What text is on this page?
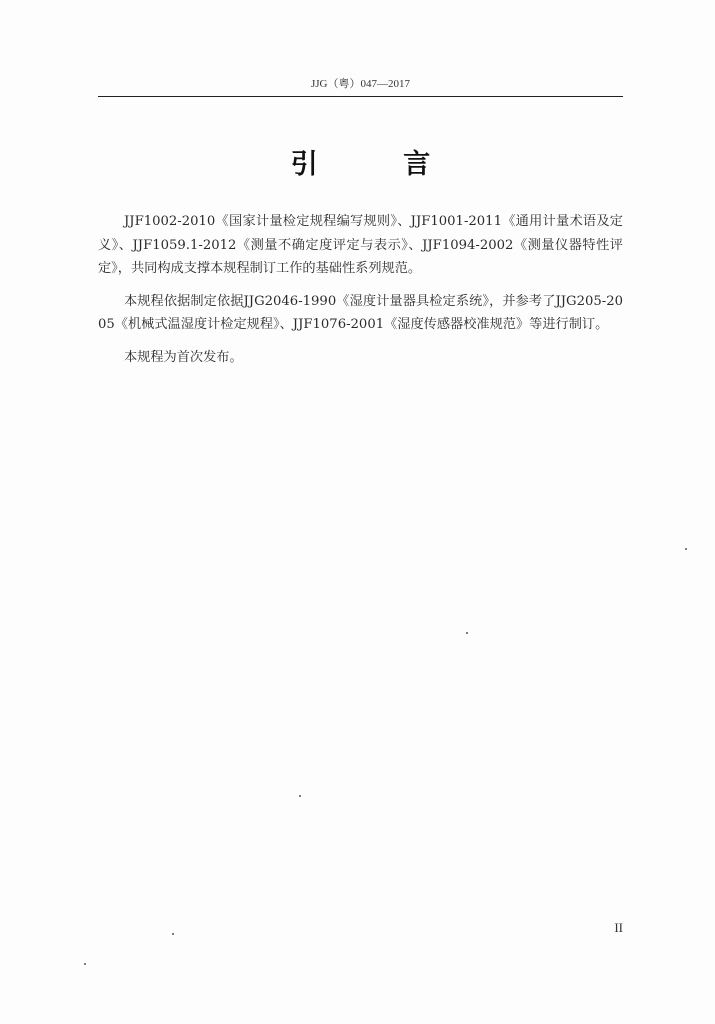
JJG（粤）047—2017
引 言

JJF1002-2010《国家计量检定规程编写规则》、JJF1001-2011《通用计量术语及定义》、JJF1059.1-2012《测量不确定度评定与表示》、JJF1094-2002《测量仪器特性评定》，共同构成支撑本规程制订工作的基础性系列规范。

本规程依据制定依据JJG2046-1990《湿度计量器具检定系统》，并参考了JJG205-2005《机械式温湿度计检定规程》、JJF1076-2001《湿度传感器校准规范》等进行制订。

本规程为首次发布。

II
